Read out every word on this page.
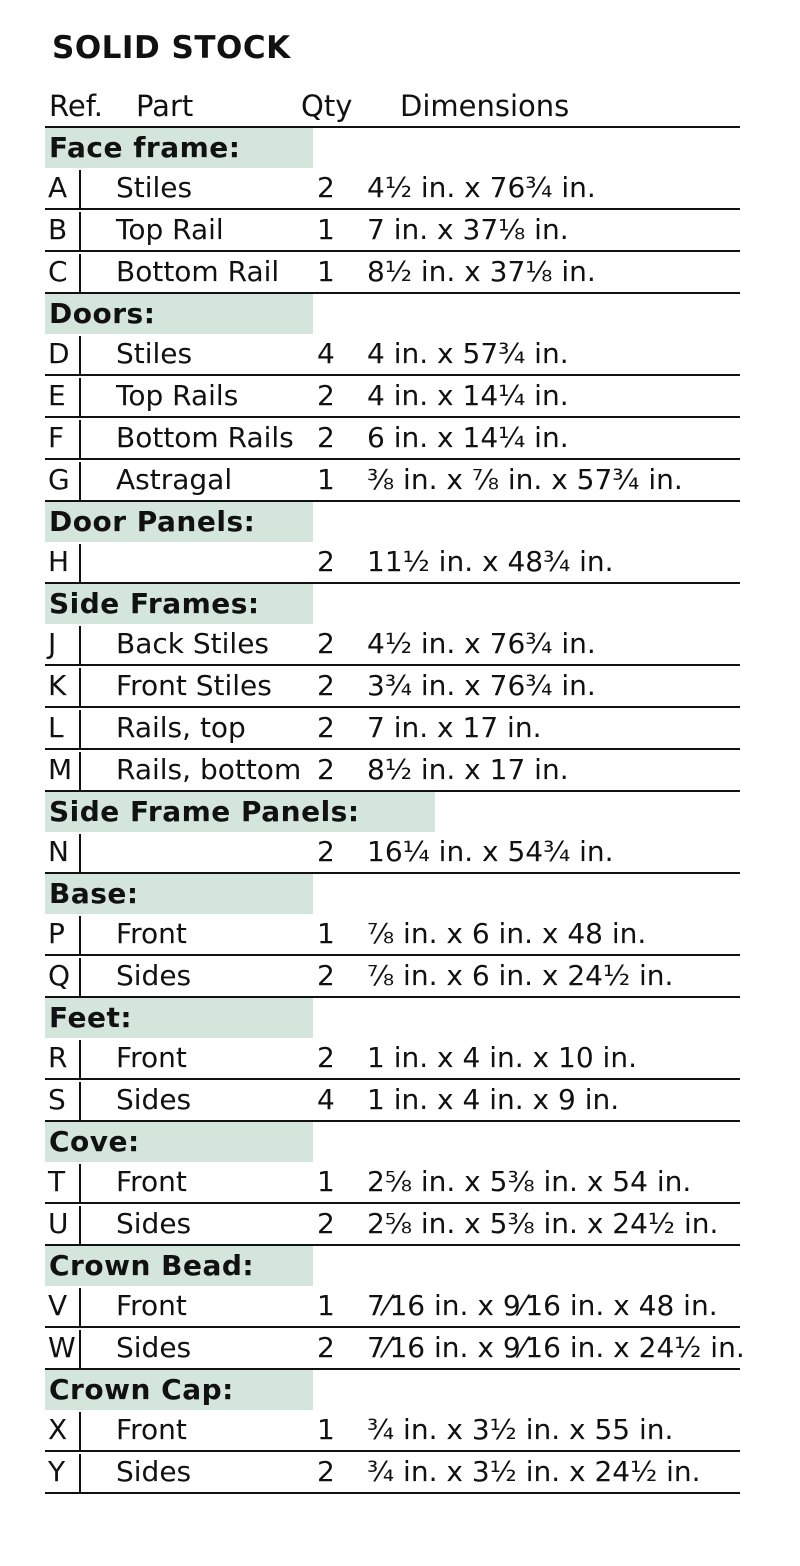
SOLID STOCK
Ref. Part	Qty Dimensions
Face frame:
A Stiles	2 4½ in. x 76¾ in.
B Top Rail	1 7 in. x 37⅛ in.
C Bottom Rail 1 8½ in. x 37⅛ in.
Doors:
D Stiles	4 4 in. x 57¾ in.
E Top Rails	2 4 in. x 14¼ in.
F Bottom Rails 2 6 in. x 14¼ in.
G Astragal	1 ⅜ in. x ⅞ in. x 57¾ in.
Door Panels:
H	2 11½ in. x 48¾ in.
Side Frames:
J Back Stiles 2 4½ in. x 76¾ in.
K Front Stiles 2 3¾ in. x 76¾ in.
L Rails, top	2 7 in. x 17 in.
M Rails, bottom 2 8½ in. x 17 in.
Side Frame Panels:
N	2 16¼ in. x 54¾ in.
Base:
P Front	1 ⅞ in. x 6 in. x 48 in.
Q Sides	2 ⅞ in. x 6 in. x 24½ in.
Feet:
R Front	2 1 in. x 4 in. x 10 in.
S Sides	4 1 in. x 4 in. x 9 in.
Cove:
T Front	1 2⅝ in. x 5⅜ in. x 54 in.
U Sides	2 2⅝ in. x 5⅜ in. x 24½ in.
Crown Bead:
V Front	1 7⁄16 in. x 9⁄16 in. x 48 in.
W Sides	2 7⁄16 in. x 9⁄16 in. x 24½ in.
Crown Cap:
X Front	1 ¾ in. x 3½ in. x 55 in.
Y Sides	2 ¾ in. x 3½ in. x 24½ in.
